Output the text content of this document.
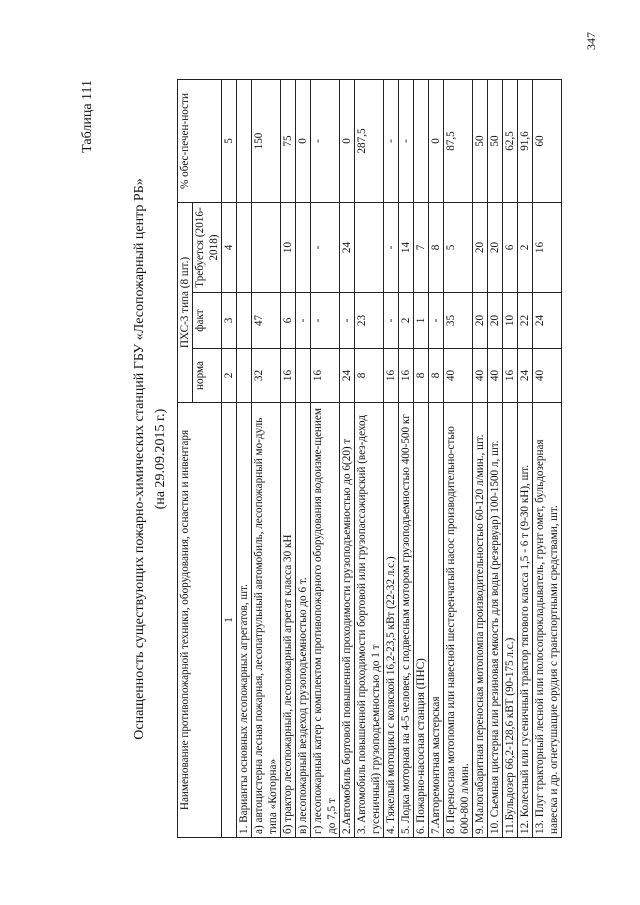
347
Таблица 111
Оснащенность существующих пожарно-химических станций ГБУ «Лесопожарный центр РБ» (на 29.09.2015 г.) Наименование противопожарной техники, оборудования, оснастки и инвентаря	ПХС-3 типа (8 шт.)			% обес-печен-ности
	норма	факт	Требуется (2016-2018)	
1	2	3	4	5
1. Варианты основных лесопожарных агрегатов, шт.				
а) автоцистерна лесная пожарная, лесопатрульный автомобиль, лесопожарный мо-дуль типа «Которна»	32	47		150
б) трактор лесопожарный, лесопожарный агрегат класса 30 кН	16	6	10	75
в) лесопожарный вездеход грузоподъемностью до 6 т.		-		0
г) лесопожарный катер с комплектом противопожарного оборудования водоизме-щением до 7,5 т	16	-	-	-
2.Автомобиль бортовой повышенной проходимости грузоподъемностью до 6(20) т	24	-	24	0
3. Автомобиль повышенной проходимости бортовой или грузопассажирский (вез-деход гусеничный) грузоподъемностью до 1 т	8	23		287,5
4. Тяжелый мотоцикл с коляской 16,2-23,5 кВт (22-32 л.с.)	16	-	-	-
5. Лодка моторная на 4-5 человек, с подвесным мотором грузоподъемностью 400-500 кг	16	2	14	-
6. Пожарно-насосная станция (ПНС)	8	1	7	
7.Авторемонтная мастерская	8	-	8	0
8. Переносная мотопомпа или навесной шестеренчатый насос производительно-стью 600-800 л/мин.	40	35	5	87,5
9. Малогабаритная переносная мотопомпа производительностью 60-120 л/мин., шт.	40	20	20	50
10. Съемная цистерна или резиновая емкость для воды (резервуар) 100-1500 л, шт.	40	20	20	50
11.Бульдозер 66,2-128,6 кВТ (90-175 л.с.)	16	10	6	62,5
12. Колесный или гусеничный трактор тягового класса 1,5 - 6 т (9-30 кН), шт.	24	22	2	91,6
13. Плуг тракторный лесной или полосопрокладыватель, грунт омет, бульдозерная навеска и др. огнетушащие орудия с транспортными средствами, шт.	40	24	16	60
